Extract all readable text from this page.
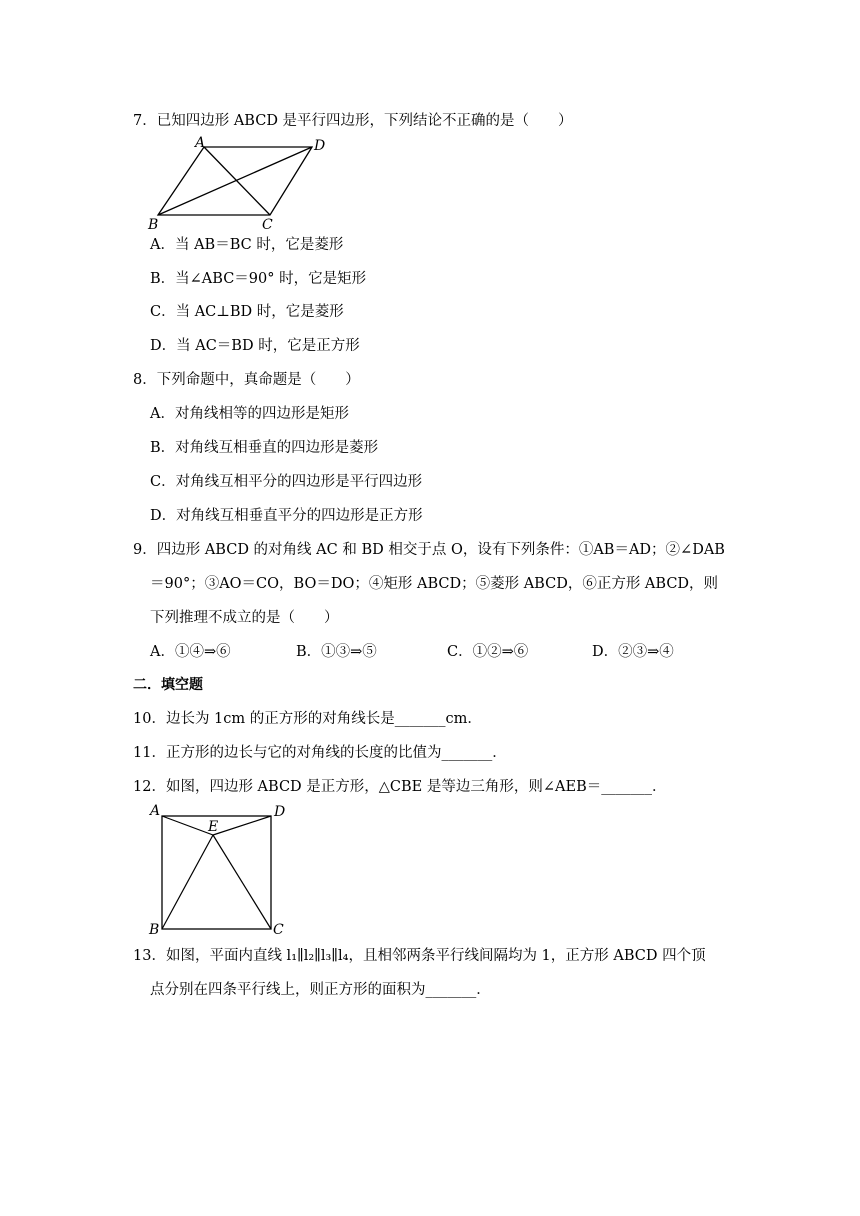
7．已知四边形 ABCD 是平行四边形，下列结论不正确的是（　　）
A	D
B	C
A．当 AB＝BC 时，它是菱形
B．当∠ABC＝90° 时，它是矩形
C．当 AC⊥BD 时，它是菱形
D．当 AC＝BD 时，它是正方形
8．下列命题中，真命题是（　　）
A．对角线相等的四边形是矩形
B．对角线互相垂直的四边形是菱形
C．对角线互相平分的四边形是平行四边形
D．对角线互相垂直平分的四边形是正方形
9．四边形 ABCD 的对角线 AC 和 BD 相交于点 O，设有下列条件：①AB＝AD；②∠DAB
＝90°；③AO＝CO，BO＝DO；④矩形 ABCD；⑤菱形 ABCD，⑥正方形 ABCD，则
下列推理不成立的是（　　）
A．①④⇒⑥	B．①③⇒⑤	C．①②⇒⑥	D．②③⇒④
二．填空题
10．边长为 1cm 的正方形的对角线长是_______cm．
11．正方形的边长与它的对角线的长度的比值为_______．
12．如图，四边形 ABCD 是正方形，△CBE 是等边三角形，则∠AEB＝_______．
A	D
E
B	C
13．如图，平面内直线 l₁∥l₂∥l₃∥l₄，且相邻两条平行线间隔均为 1，正方形 ABCD 四个顶
点分别在四条平行线上，则正方形的面积为_______．
